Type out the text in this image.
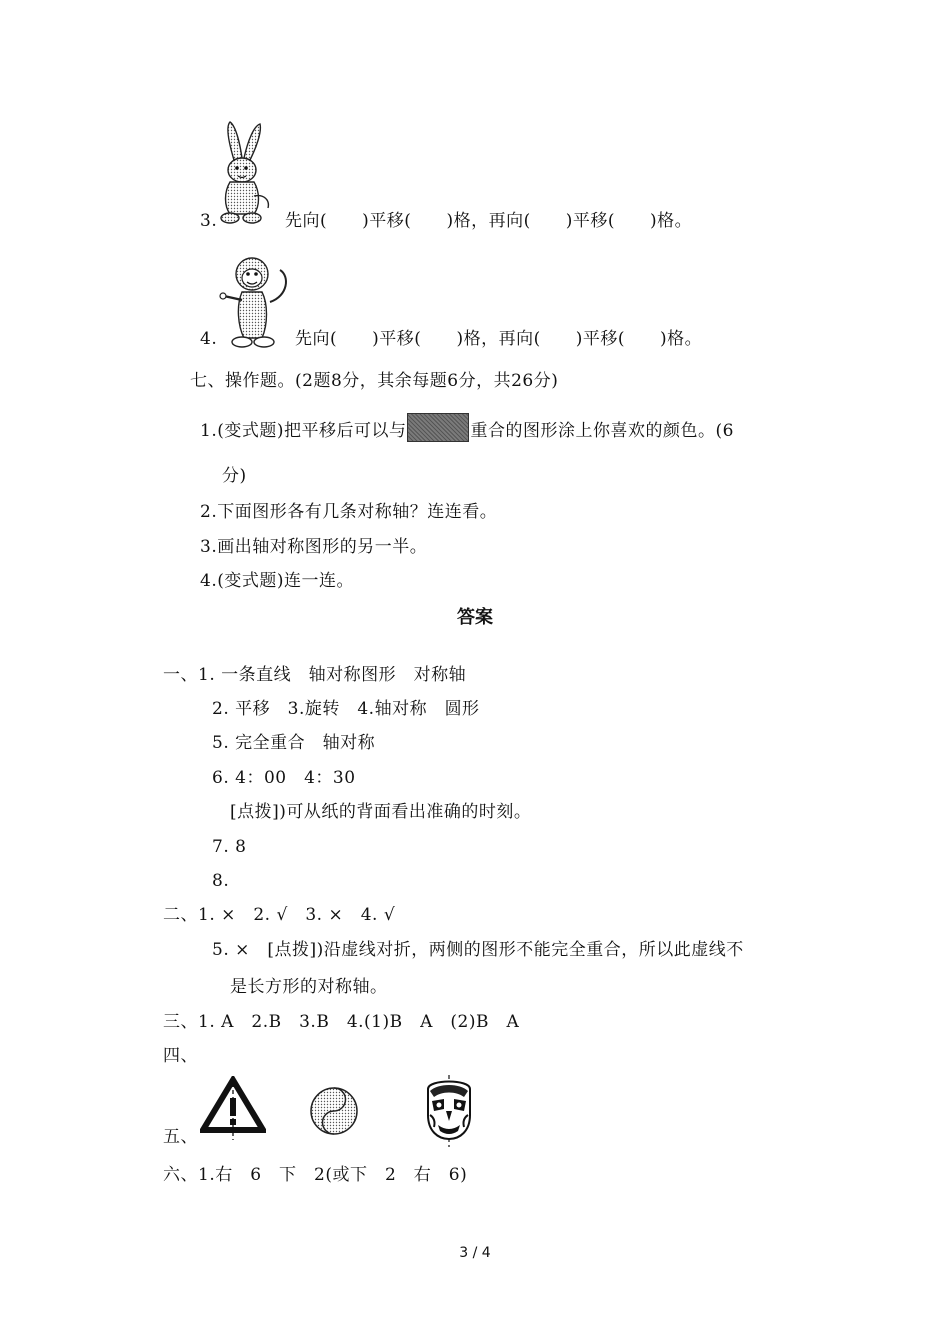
3.	先向(　　)平移(　　)格，再向(　　)平移(　　)格。
4.	先向(　　)平移(　　)格，再向(　　)平移(　　)格。
七、操作题。(2题8分，其余每题6分，共26分)
1.(变式题)把平移后可以与	重合的图形涂上你喜欢的颜色。(6
分)
2.下面图形各有几条对称轴？连连看。
3.画出轴对称图形的另一半。
4.(变式题)连一连。
答案
一、1. 一条直线　轴对称图形　对称轴
2. 平移　3.旋转　4.轴对称　圆形
5. 完全重合　轴对称
6. 4：00　4：30
[点拨])可从纸的背面看出准确的时刻。
7. 8
8.
二、1. ×　2. √　3. ×　4. √
5. ×　[点拨])沿虚线对折，两侧的图形不能完全重合，所以此虚线不
是长方形的对称轴。
三、1. A　2.B　3.B　4.(1)B　A　(2)B　A
四、
五、
六、1.右　6　下　2(或下　2　右　6)
3 / 4
